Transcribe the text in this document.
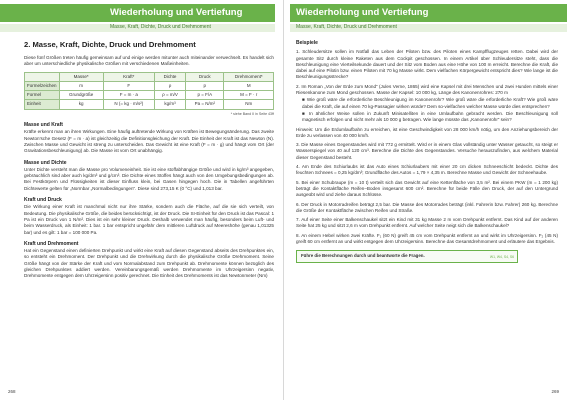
Wiederholung und Vertiefung
Masse, Kraft, Dichte, Druck und Drehmoment
2. Masse, Kraft, Dichte, Druck und Drehmoment

Diese fünf Größen treten häufig gemeinsam auf und einige werden mitunter auch miteinander verwechselt. Es handelt sich aber um unterschiedliche physikalische Größen mit verschiedenen Maßeinheiten.

	Masse*	Kraft*	Dichte	Druck	Drehmoment*
Formelzeichen	m	F	ρ	p	M
Formel	Grundgröße	F = m · a	ρ = m/V	p = F/A	M = F · r
Einheit	kg	N (= kg · m/s²)	kg/m³	Pa = N/m²	Nm
* siehe Band II in Seite 43ff
Masse und Kraft

Kräfte erkennt man an ihren Wirkungen. Eine häufig auftretende Wirkung von Kräften ist Bewegungsänderung. Das zweite Newton'sche Gesetz (F = m · a) ist gleichzeitig die Definitionsgleichung der Kraft. Die Einheit der Kraft ist das Newton (N). Zwischen Masse und Gewicht ist streng zu unterscheiden. Das Gewicht ist eine Kraft (F = m · g) und hängt vom Ort (der Gravitationsbeschleunigung) ab. Die Masse ist vom Ort unabhängig.

Masse und Dichte

Unter Dichte versteht man die Masse pro Volumeneinheit. Sie ist eine stoffabhängige Größe und wird in kg/m³ angegeben, gebräuchlich sind aber auch kg/dm³ und g/cm³. Die Dichte eines Stoffes hängt auch von den Umgebungsbedingungen ab. Bei Festkörpern und Flüssigkeiten ist dieser Einfluss klein, bei Gasen hingegen hoch. Die in Tabellen angeführten Dichtewerte gelten für „Normbar „Normalbedingungen“. Diese sind 273,15 K (0 °C) und 1,013 bar.

Kraft und Druck

Die Wirkung einer Kraft ist manchmal nicht nur ihre Stärke, sondern auch die Fläche, auf die sie sich verteilt, von Bedeutung. Die physikalische Größe, die beides berücksichtigt, ist der Druck. Die SI-Einheit für den Druck ist das Pascal: 1 Pa ist ein Druck von 1 N/m². Dies ist ein sehr kleiner Druck. Deshalb verwendet man häufig, besonders beim Luft- und beim Wasserdruck, als Einheit: 1 bar. 1 bar entspricht ungefähr dem mittleren Luftdruck auf Meereshöhe (genau 1,01325 bar) und es gilt: 1 bar = 100 000 Pa.

Kraft und Drehmoment

Hat ein Gegenstand einen definierten Drehpunkt und wirkt eine Kraft auf diesen Gegenstand abseits des Drehpunktes ein, so entsteht ein Drehmoment. Der Drehpunkt und die Drehwirkung durch die physikalische Größe Drehmoment. Seine Größe hängt von der Stärke der Kraft und vom Normalabstand zum Drehpunkt ab. Drehmomente können bezüglich des gleichen Drehpunktes addiert werden. Vereinbarungsgemäß werden Drehmomente im Uhrzeigersinn negativ, Drehmomente entgegen dem Uhrzeigersinn positiv gerechnet. Die Einheit des Drehmoments ist das Newtonmeter (Nm)

268
Wiederholung und Vertiefung
Masse, Kraft, Dichte, Druck und Drehmoment
Beispiele

1. Schleudersitze sollen im Notfall das Leben der Piloten bzw. des Piloten eines Kampfflugzeuges retten. Dabei wird der gesamte Sitz durch kleine Raketen aus dem Cockpit geschossen. In einem Artikel über Schleudersitze steht, dass die Beschleunigung eine Vierteilsekunde dauert und der Sitz vom Boden aus eine Höhe von 100 m erreicht. Berechne die Kraft, die dabei auf eine Pilotin bzw. einen Piloten mit 70 kg Masse wirkt. Dem vielfachen Körpergewicht entspricht dies? Wie lange ist die Beschleunigungsstrecke?

2. Im Roman „Von der Erde zum Mond“ (Jules Verne, 1865) wird eine Kapsel mit drei Menschen und zwei Hunden mittels einer Riesenkanone zum Mond geschossen. Masse der Kapsel: 10 000 kg, Länge des Kanonenrohres: 270 m

■ Wie groß wäre die erforderliche Beschleunigung im Kanonenrohr? Wie groß wäre die erforderliche Kraft? Wie groß wäre dabei die Kraft, die auf einen 70 kg-Passagier wirken würde? Dem so-vielfachen welcher Masse würde dies entsprechen?

■ In ähnlicher Weise sollen in Zukunft Minisatelliten in eine Umlaufbahn gebracht werden. Die Beschleunigung soll magnetisch erfolgen und nicht mehr als 10 000 g betragen. Wie lange müsste das „Kanonenrohr“ sein?

Hinweis: Um die Erdumlaufbahn zu erreichen, ist eine Geschwindigkeit von 28 000 km/h nötig, um den Anziehungsbereich der Erde zu verlassen von 40 000 km/h.

3. Die Masse eines Gegenstandes wird mit 772 g ermittelt. Wird er in einem Glas vollständig unter Wasser getaucht, so steigt er Wasserspiegel von 40 auf 120 cm³. Berechne die Dichte des Gegenstandes. Versuche herauszufinden, aus welchem Material dieser Gegenstand besteht.

4. Am Ende des Schiurlaubs ist das Auto eines Schiurlaubers mit einer 20 cm dicken Schneeschicht bedeckt. Dichte des feuchten Schnees = 0,25 kg/dm³; Grundfläche des Autos = 1,79 × 4,35 m. Berechne Masse und Gewicht der Schneehaube.

5. Bei einer Schubraupe (m = 10 t) verteilt sich das Gewicht auf eine Kettenfläche von 3,5 m². Bei einem PKW (m = 1 200 kg) beträgt die Kontaktfläche Reifen–Boden insgesamt 600 cm². Berechne für beide Fälle den Druck, der auf den Untergrund ausgeübt wird und ziehe daraus Schlüsse.

6. Der Druck in Motorradreifen beträgt 2,5 bar. Die Masse des Motorrades beträgt (inkl. Fahrerin bzw. Fahrer) 260 kg. Berechne die Größe der Kontaktfläche zwischen Reifen und Straße.

7. Auf einer Seite einer Balkenschaukel sitzt ein Kind mit 31 kg Masse 2 m vom Drehpunkt entfernt. Das Kind auf der anderen Seite hat 25 kg und sitzt 2,6 m vom Drehpunkt entfernt. Auf welcher Seite neigt sich die Balkenschaukel?

8. An einem Hebel wirken zwei Kräfte. F₁ (60 N) greift 45 cm vom Drehpunkt entfernt an und wirkt im Uhrzeigersinn. F₂ (45 N) greift 60 cm entfernt an und wirkt entgegen dem Uhrzeigersinn. Berechne das Gesamtdrehmoment und erläutere das Ergebnis.

Führe die Berechnungen durch und beantworte die Fragen.	W1, W4, S4, S6
269
